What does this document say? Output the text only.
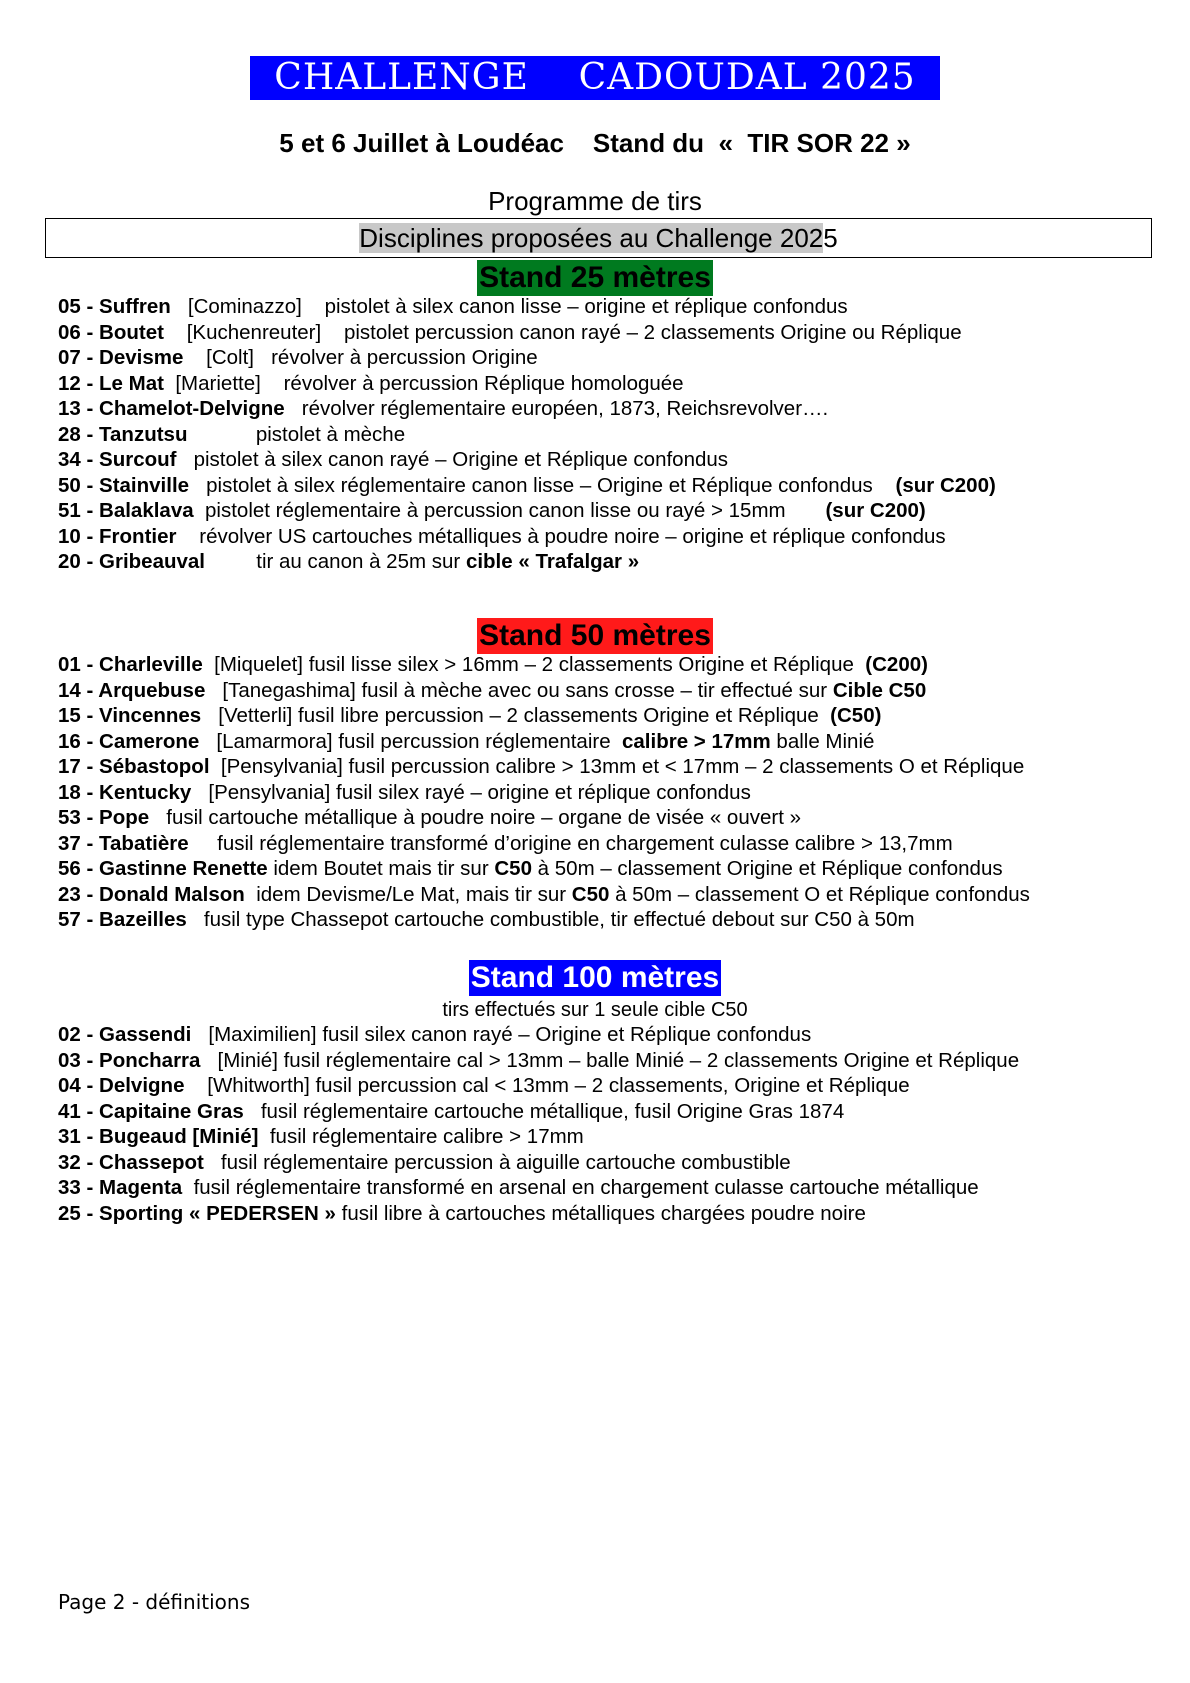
CHALLENGE    CADOUDAL 2025
5 et 6 Juillet à Loudéac    Stand du  «  TIR SOR 22 »
Programme de tirs
Disciplines proposées au Challenge 2025
Stand 25 mètres
05 - Suffren   [Cominazzo]    pistolet à silex canon lisse – origine et réplique confondus
06 - Boutet    [Kuchenreuter]    pistolet percussion canon rayé – 2 classements Origine ou Réplique
07 - Devisme    [Colt]   révolver à percussion Origine
12 - Le Mat  [Mariette]    révolver à percussion Réplique homologuée
13 - Chamelot-Delvigne   révolver réglementaire européen, 1873, Reichsrevolver….
28 - Tanzutsu            pistolet à mèche
34 - Surcouf   pistolet à silex canon rayé – Origine et Réplique confondus
50 - Stainville   pistolet à silex réglementaire canon lisse – Origine et Réplique confondus    (sur C200)
51 - Balaklava  pistolet réglementaire à percussion canon lisse ou rayé > 15mm       (sur C200)
10 - Frontier    révolver US cartouches métalliques à poudre noire – origine et réplique confondus
20 - Gribeauval         tir au canon à 25m sur cible « Trafalgar »
Stand 50 mètres
01 - Charleville  [Miquelet] fusil lisse silex > 16mm – 2 classements Origine et Réplique  (C200)
14 - Arquebuse   [Tanegashima] fusil à mèche avec ou sans crosse – tir effectué sur Cible C50
15 - Vincennes   [Vetterli] fusil libre percussion – 2 classements Origine et Réplique  (C50)
16 - Camerone   [Lamarmora] fusil percussion réglementaire  calibre > 17mm balle Minié
17 - Sébastopol  [Pensylvania] fusil percussion calibre > 13mm et < 17mm – 2 classements O et Réplique
18 - Kentucky   [Pensylvania] fusil silex rayé – origine et réplique confondus
53 - Pope   fusil cartouche métallique à poudre noire – organe de visée « ouvert »
37 - Tabatière     fusil réglementaire transformé d’origine en chargement culasse calibre > 13,7mm
56 - Gastinne Renette idem Boutet mais tir sur C50 à 50m – classement Origine et Réplique confondus
23 - Donald Malson  idem Devisme/Le Mat, mais tir sur C50 à 50m – classement O et Réplique confondus
57 - Bazeilles   fusil type Chassepot cartouche combustible, tir effectué debout sur C50 à 50m
Stand 100 mètres
tirs effectués sur 1 seule cible C50
02 - Gassendi   [Maximilien] fusil silex canon rayé – Origine et Réplique confondus
03 - Poncharra   [Minié] fusil réglementaire cal > 13mm – balle Minié – 2 classements Origine et Réplique
04 - Delvigne    [Whitworth] fusil percussion cal < 13mm – 2 classements, Origine et Réplique
41 - Capitaine Gras   fusil réglementaire cartouche métallique, fusil Origine Gras 1874
31 - Bugeaud [Minié]  fusil réglementaire calibre > 17mm
32 - Chassepot   fusil réglementaire percussion à aiguille cartouche combustible
33 - Magenta  fusil réglementaire transformé en arsenal en chargement culasse cartouche métallique
25 - Sporting « PEDERSEN » fusil libre à cartouches métalliques chargées poudre noire
Page 2 - définitions
